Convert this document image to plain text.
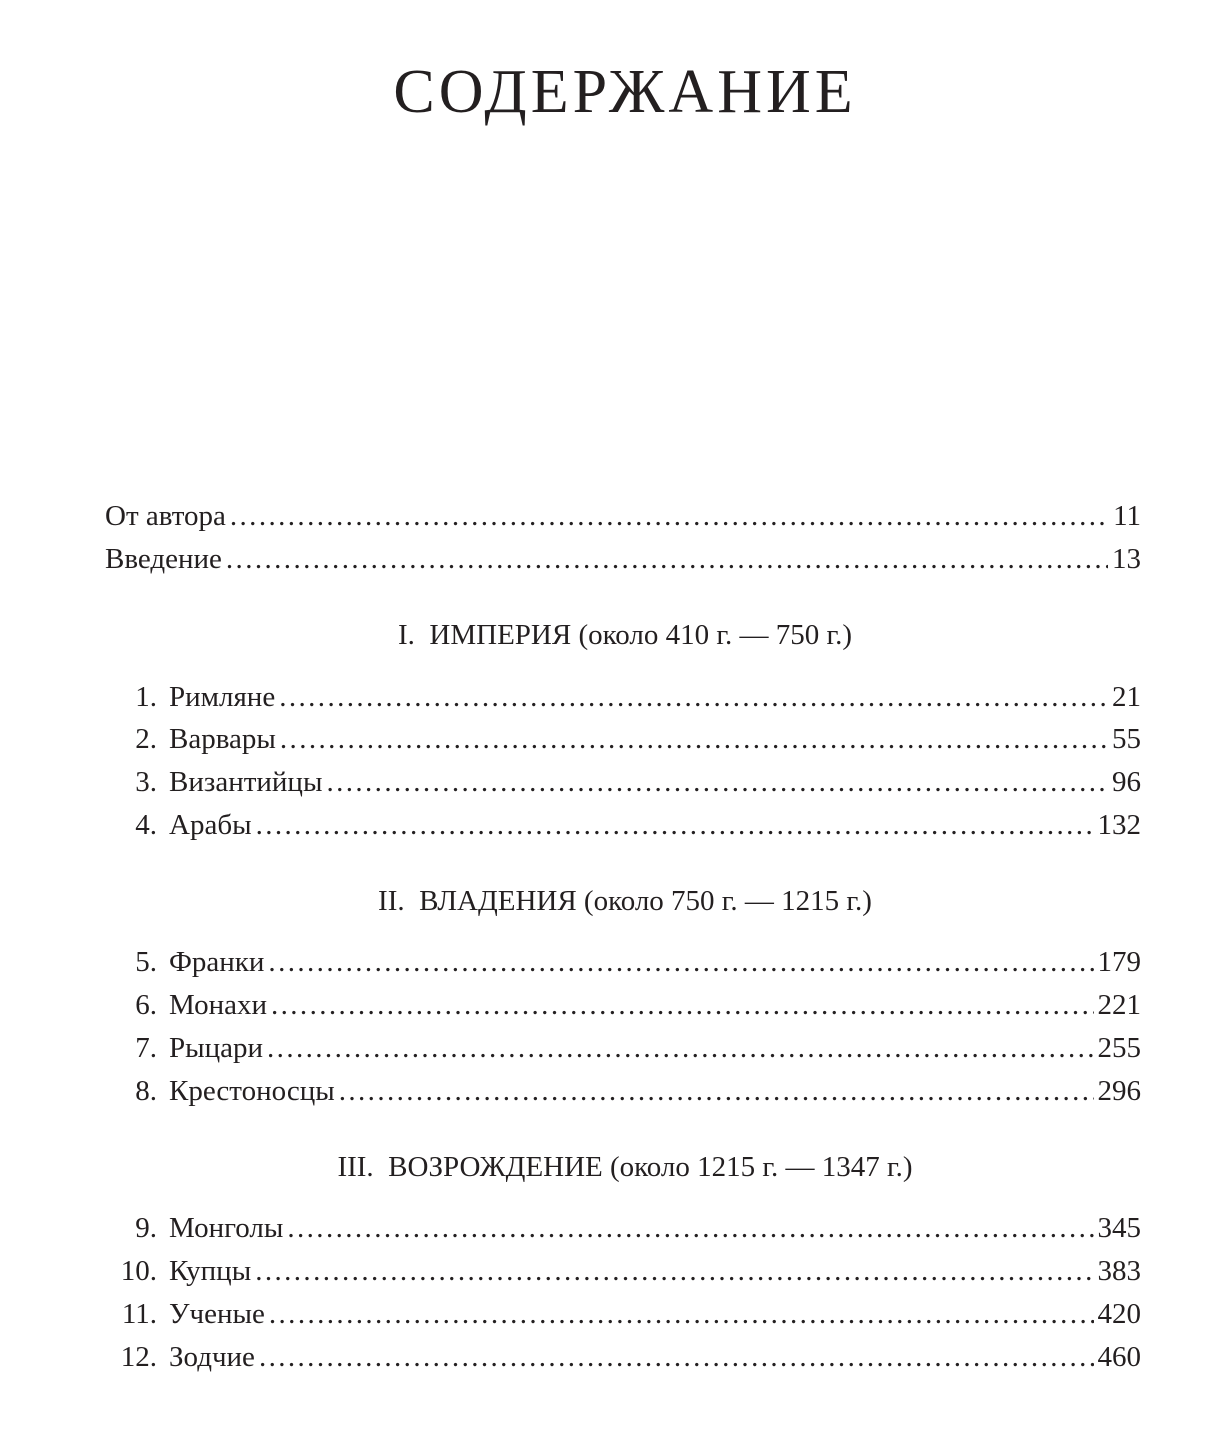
СОДЕРЖАНИЕ
От автора .....	11
Введение .....	13
I.  ИМПЕРИЯ (около 410 г. — 750 г.)
1. Римляне .....	21
2. Варвары .....	55
3. Византийцы .....	96
4. Арабы .....	132
II.  ВЛАДЕНИЯ (около 750 г. — 1215 г.)
5. Франки .....	179
6. Монахи .....	221
7. Рыцари .....	255
8. Крестоносцы .....	296
III.  ВОЗРОЖДЕНИЕ (около 1215 г. — 1347 г.)
9. Монголы .....	345
10. Купцы .....	383
11. Ученые .....	420
12. Зодчие .....	460
